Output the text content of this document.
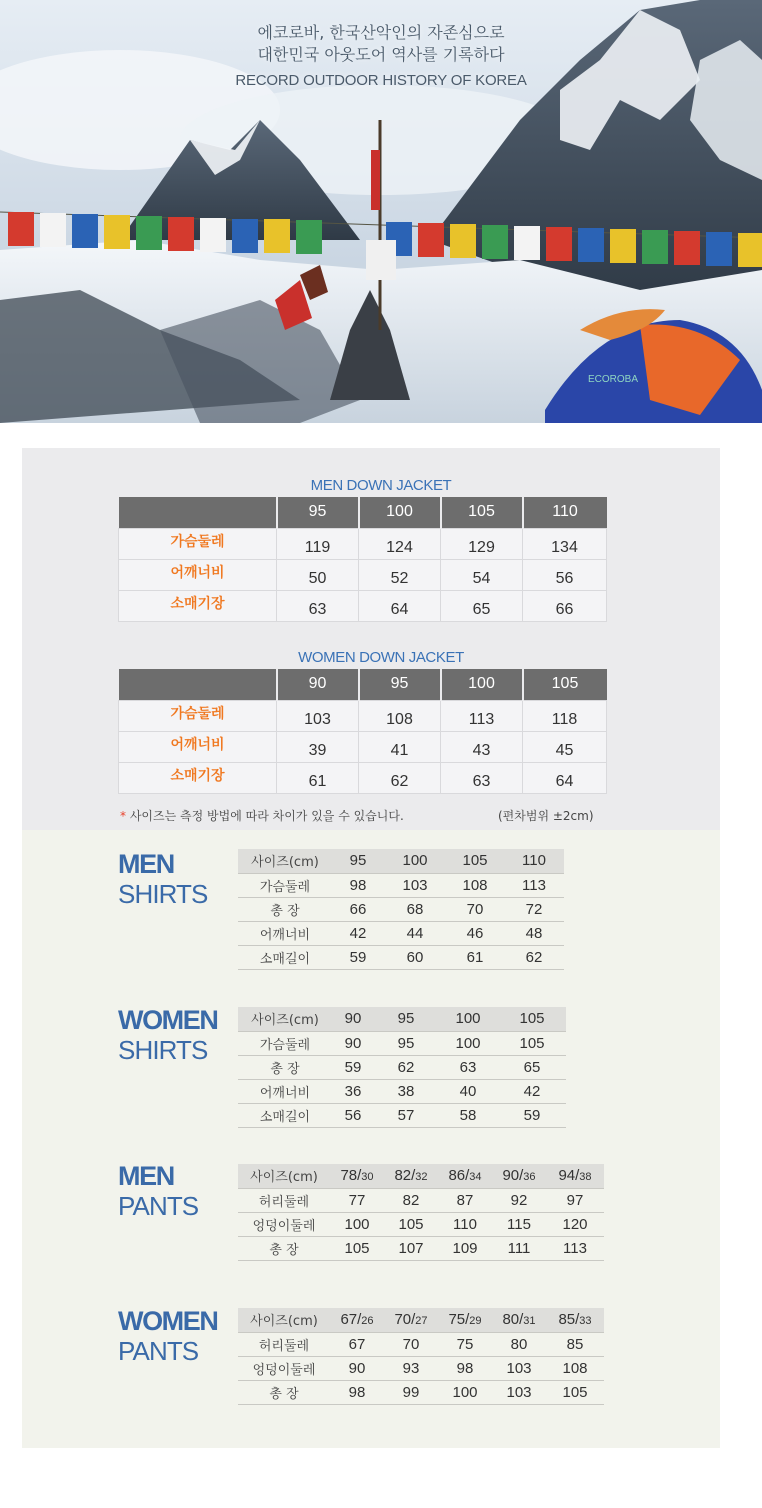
ECOROBA
에코로바, 한국산악인의 자존심으로
대한민국 아웃도어 역사를 기록하다
RECORD OUTDOOR HISTORY OF KOREA
MEN DOWN JACKET
	95	100	105	110
가슴둘레	119	124	129	134
어깨너비	50	52	54	56
소매기장	63	64	65	66
WOMEN DOWN JACKET
	90	95	100	105
가슴둘레	103	108	113	118
어깨너비	39	41	43	45
소매기장	61	62	63	64
* 사이즈는 측정 방법에 따라 차이가 있을 수 있습니다.	(편차범위 ±2cm)
MEN
SHIRTS
사이즈(cm)	95	100	105	110
가슴둘레	98	103	108	113
총 장	66	68	70	72
어깨너비	42	44	46	48
소매길이	59	60	61	62
WOMEN
SHIRTS
사이즈(cm)	90	95	100	105
가슴둘레	90	95	100	105
총 장	59	62	63	65
어깨너비	36	38	40	42
소매길이	56	57	58	59
MEN
PANTS
사이즈(cm)	78/30	82/32	86/34	90/36	94/38
허리둘레	77	82	87	92	97
엉덩이둘레	100	105	110	115	120
총 장	105	107	109	111	113
WOMEN
PANTS
사이즈(cm)	67/26	70/27	75/29	80/31	85/33
허리둘레	67	70	75	80	85
엉덩이둘레	90	93	98	103	108
총 장	98	99	100	103	105
